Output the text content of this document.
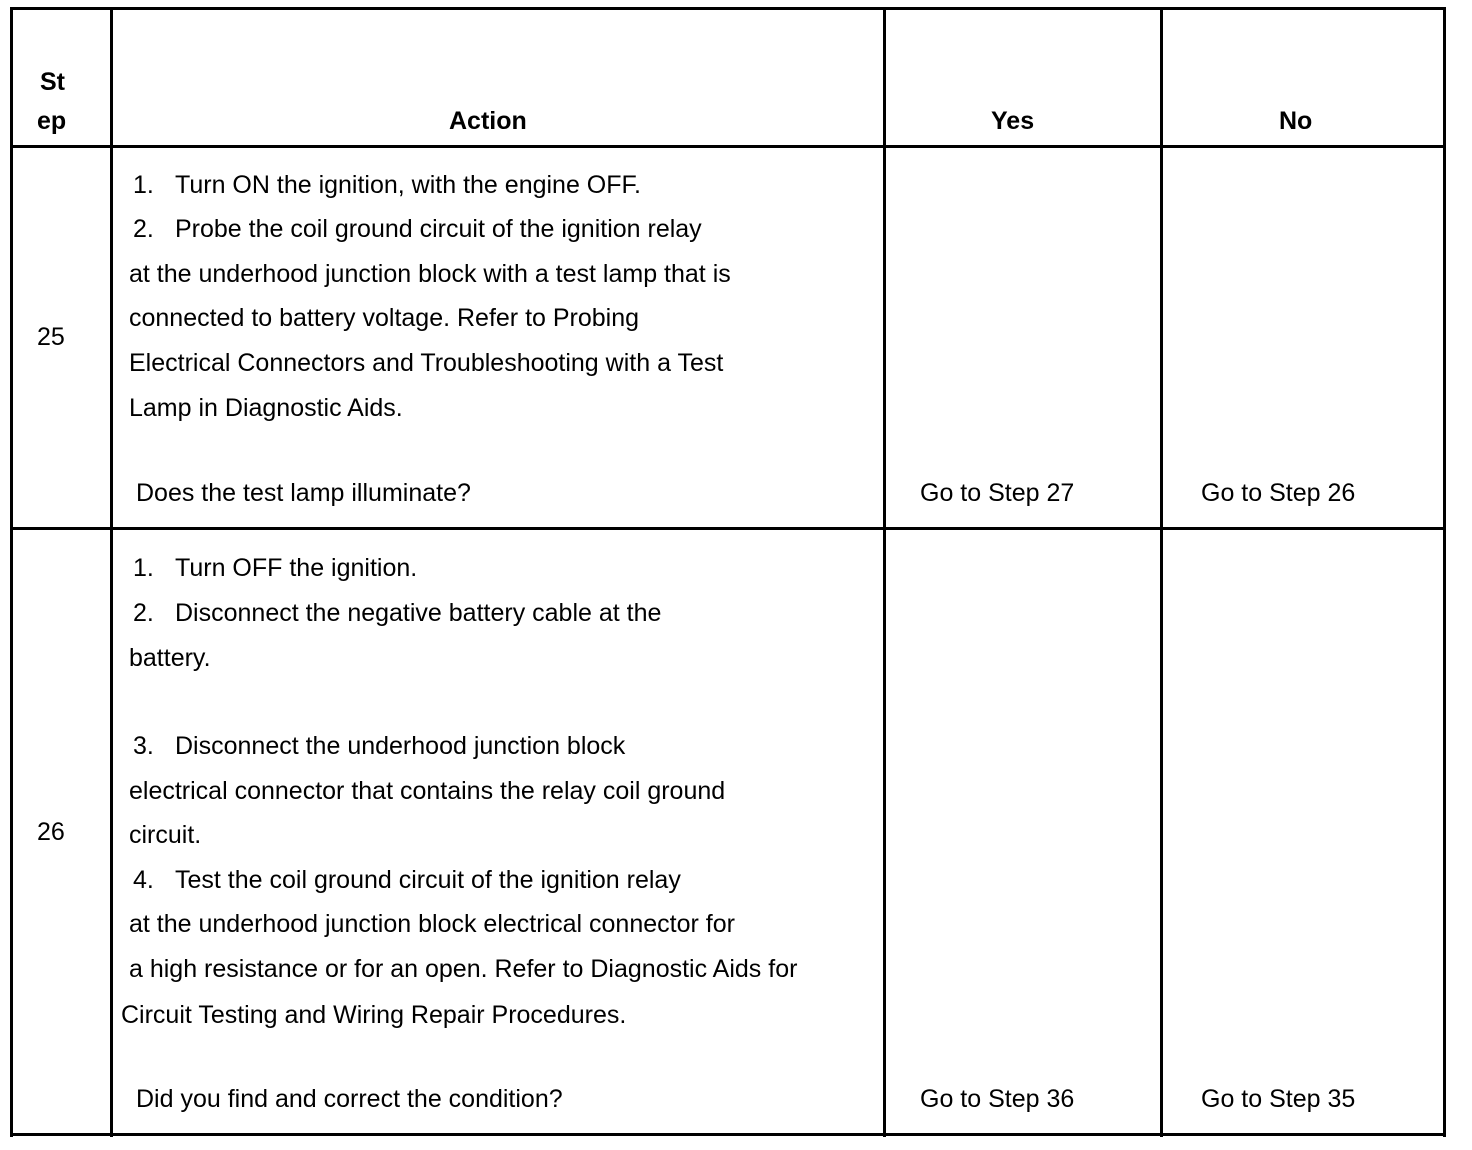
St
ep	Action	Yes	No
25
1. Turn ON the ignition, with the engine OFF.
2. Probe the coil ground circuit of the ignition relay
at the underhood junction block with a test lamp that is
connected to battery voltage. Refer to Probing
Electrical Connectors and Troubleshooting with a Test
Lamp in Diagnostic Aids.
Does the test lamp illuminate?	Go to Step 27	Go to Step 26
26
1. Turn OFF the ignition.
2. Disconnect the negative battery cable at the
battery.
3. Disconnect the underhood junction block
electrical connector that contains the relay coil ground
circuit.
4. Test the coil ground circuit of the ignition relay
at the underhood junction block electrical connector for
a high resistance or for an open. Refer to Diagnostic Aids for
Circuit Testing and Wiring Repair Procedures.
Did you find and correct the condition?	Go to Step 36	Go to Step 35
